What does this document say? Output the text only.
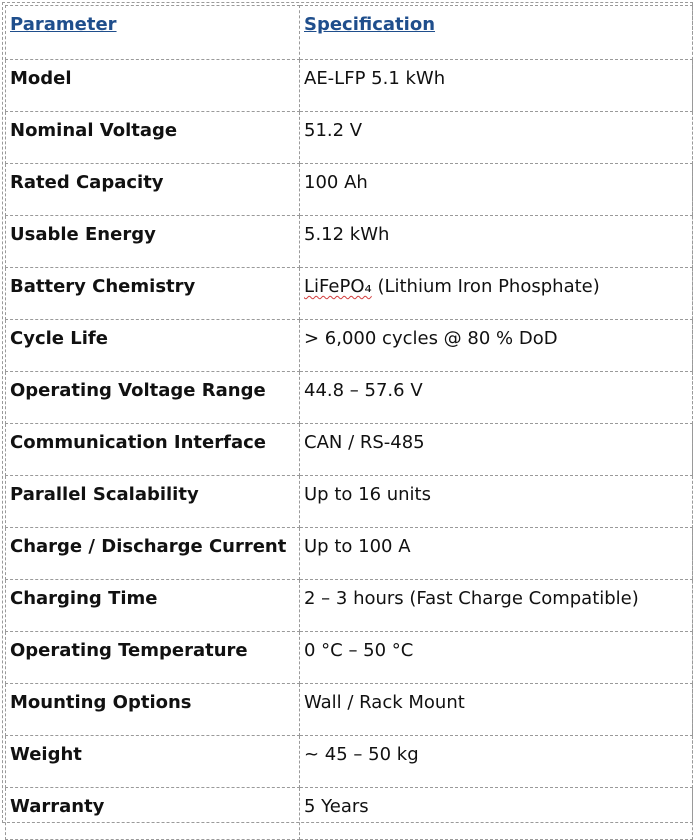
Parameter	Specification
Model	AE-LFP 5.1 kWh
Nominal Voltage	51.2 V
Rated Capacity	100 Ah
Usable Energy	5.12 kWh
Battery Chemistry	LiFePO₄ (Lithium Iron Phosphate)
Cycle Life	> 6,000 cycles @ 80 % DoD
Operating Voltage Range	44.8 – 57.6 V
Communication Interface	CAN / RS-485
Parallel Scalability	Up to 16 units
Charge / Discharge Current	Up to 100 A
Charging Time	2 – 3 hours (Fast Charge Compatible)
Operating Temperature	0 °C – 50 °C
Mounting Options	Wall / Rack Mount
Weight	~ 45 – 50 kg
Warranty	5 Years
